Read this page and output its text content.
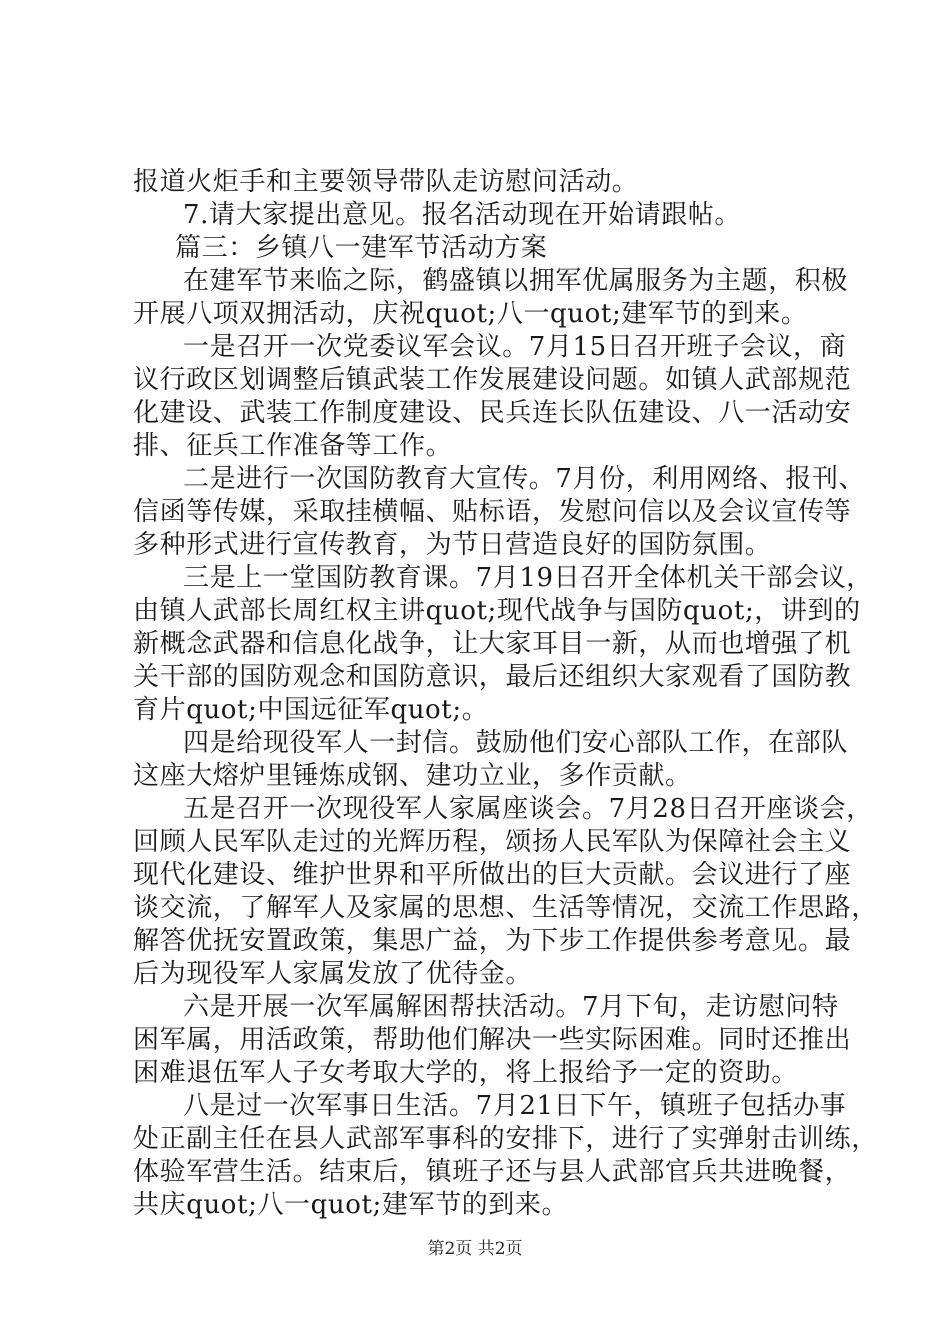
报道火炬手和主要领导带队走访慰问活动。
7.请大家提出意见。报名活动现在开始请跟帖。
篇三：乡镇八一建军节活动方案
在建军节来临之际，鹤盛镇以拥军优属服务为主题，积极
开展八项双拥活动，庆祝quot;八一quot;建军节的到来。
一是召开一次党委议军会议。7月15日召开班子会议，商
议行政区划调整后镇武装工作发展建设问题。如镇人武部规范
化建设、武装工作制度建设、民兵连长队伍建设、八一活动安
排、征兵工作准备等工作。
二是进行一次国防教育大宣传。7月份，利用网络、报刊、
信函等传媒，采取挂横幅、贴标语，发慰问信以及会议宣传等
多种形式进行宣传教育，为节日营造良好的国防氛围。
三是上一堂国防教育课。7月19日召开全体机关干部会议，
由镇人武部长周红权主讲quot;现代战争与国防quot;，讲到的
新概念武器和信息化战争，让大家耳目一新，从而也增强了机
关干部的国防观念和国防意识，最后还组织大家观看了国防教
育片quot;中国远征军quot;。
四是给现役军人一封信。鼓励他们安心部队工作，在部队
这座大熔炉里锤炼成钢、建功立业，多作贡献。
五是召开一次现役军人家属座谈会。7月28日召开座谈会，
回顾人民军队走过的光辉历程，颂扬人民军队为保障社会主义
现代化建设、维护世界和平所做出的巨大贡献。会议进行了座
谈交流，了解军人及家属的思想、生活等情况，交流工作思路，
解答优抚安置政策，集思广益，为下步工作提供参考意见。最
后为现役军人家属发放了优待金。
六是开展一次军属解困帮扶活动。7月下旬，走访慰问特
困军属，用活政策，帮助他们解决一些实际困难。同时还推出
困难退伍军人子女考取大学的，将上报给予一定的资助。
八是过一次军事日生活。7月21日下午，镇班子包括办事
处正副主任在县人武部军事科的安排下，进行了实弹射击训练，
体验军营生活。结束后，镇班子还与县人武部官兵共进晚餐，
共庆quot;八一quot;建军节的到来。
第2页 共2页
